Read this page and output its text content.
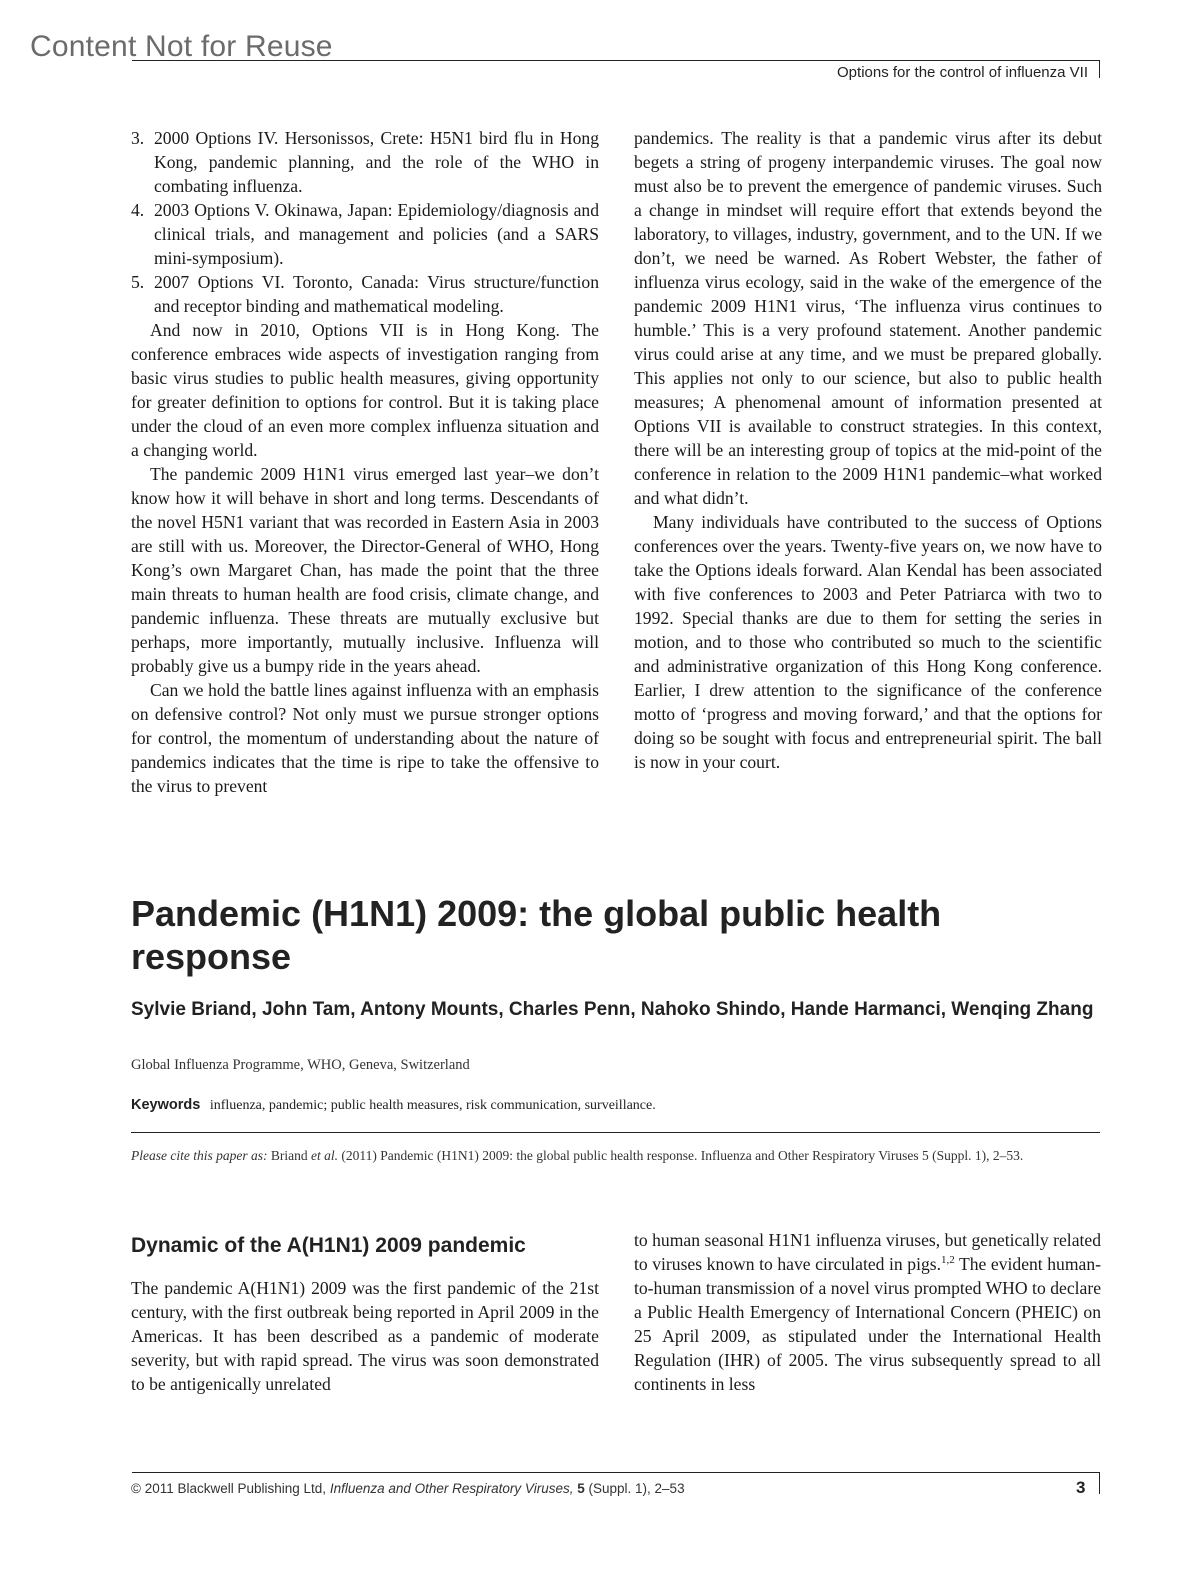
Content Not for Reuse
Options for the control of influenza VII
3. 2000 Options IV. Hersonissos, Crete: H5N1 bird flu in Hong Kong, pandemic planning, and the role of the WHO in combating influenza.
4. 2003 Options V. Okinawa, Japan: Epidemiology/diagnosis and clinical trials, and management and policies (and a SARS mini-symposium).
5. 2007 Options VI. Toronto, Canada: Virus structure/function and receptor binding and mathematical modeling.

And now in 2010, Options VII is in Hong Kong. The conference embraces wide aspects of investigation ranging from basic virus studies to public health measures, giving opportunity for greater definition to options for control. But it is taking place under the cloud of an even more complex influenza situation and a changing world.

The pandemic 2009 H1N1 virus emerged last year–we don’t know how it will behave in short and long terms. Descendants of the novel H5N1 variant that was recorded in Eastern Asia in 2003 are still with us. Moreover, the Director-General of WHO, Hong Kong’s own Margaret Chan, has made the point that the three main threats to human health are food crisis, climate change, and pandemic influenza. These threats are mutually exclusive but perhaps, more importantly, mutually inclusive. Influenza will probably give us a bumpy ride in the years ahead.

Can we hold the battle lines against influenza with an emphasis on defensive control? Not only must we pursue stronger options for control, the momentum of understanding about the nature of pandemics indicates that the time is ripe to take the offensive to the virus to prevent

pandemics. The reality is that a pandemic virus after its debut begets a string of progeny interpandemic viruses. The goal now must also be to prevent the emergence of pandemic viruses. Such a change in mindset will require effort that extends beyond the laboratory, to villages, industry, government, and to the UN. If we don’t, we need be warned. As Robert Webster, the father of influenza virus ecology, said in the wake of the emergence of the pandemic 2009 H1N1 virus, ‘The influenza virus continues to humble.’ This is a very profound statement. Another pandemic virus could arise at any time, and we must be prepared globally. This applies not only to our science, but also to public health measures; A phenomenal amount of information presented at Options VII is available to construct strategies. In this context, there will be an interesting group of topics at the mid-point of the conference in relation to the 2009 H1N1 pandemic–what worked and what didn’t.

Many individuals have contributed to the success of Options conferences over the years. Twenty-five years on, we now have to take the Options ideals forward. Alan Kendal has been associated with five conferences to 2003 and Peter Patriarca with two to 1992. Special thanks are due to them for setting the series in motion, and to those who contributed so much to the scientific and administrative organization of this Hong Kong conference. Earlier, I drew attention to the significance of the conference motto of ‘progress and moving forward,’ and that the options for doing so be sought with focus and entrepreneurial spirit. The ball is now in your court.

Pandemic (H1N1) 2009: the global public health response
Sylvie Briand, John Tam, Antony Mounts, Charles Penn, Nahoko Shindo, Hande Harmanci, Wenqing Zhang
Global Influenza Programme, WHO, Geneva, Switzerland
Keywords influenza, pandemic; public health measures, risk communication, surveillance.
Please cite this paper as: Briand et al. (2011) Pandemic (H1N1) 2009: the global public health response. Influenza and Other Respiratory Viruses 5 (Suppl. 1), 2–53.
Dynamic of the A(H1N1) 2009 pandemic

The pandemic A(H1N1) 2009 was the first pandemic of the 21st century, with the first outbreak being reported in April 2009 in the Americas. It has been described as a pandemic of moderate severity, but with rapid spread. The virus was soon demonstrated to be antigenically unrelated

to human seasonal H1N1 influenza viruses, but genetically related to viruses known to have circulated in pigs.$^{1,2}$ The evident human-to-human transmission of a novel virus prompted WHO to declare a Public Health Emergency of International Concern (PHEIC) on 25 April 2009, as stipulated under the International Health Regulation (IHR) of 2005. The virus subsequently spread to all continents in less

© 2011 Blackwell Publishing Ltd, Influenza and Other Respiratory Viruses, 5 (Suppl. 1), 2–53	3
